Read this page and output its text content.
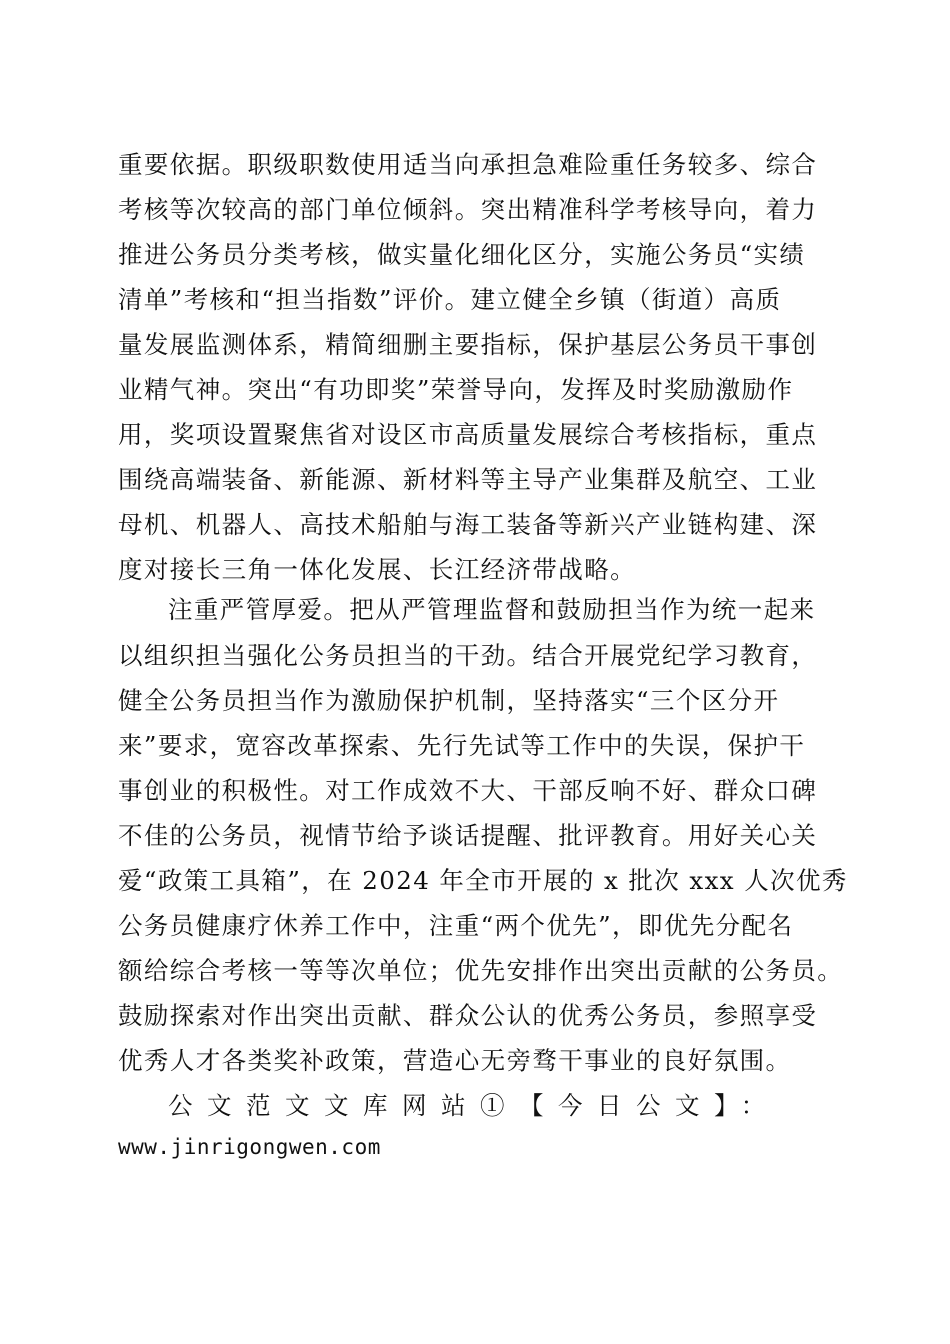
重要依据。职级职数使用适当向承担急难险重任务较多、综合
考核等次较高的部门单位倾斜。突出精准科学考核导向，着力
推进公务员分类考核，做实量化细化区分，实施公务员“实绩
清单”考核和“担当指数”评价。建立健全乡镇（街道）高质
量发展监测体系，精简细删主要指标，保护基层公务员干事创
业精气神。突出“有功即奖”荣誉导向，发挥及时奖励激励作
用，奖项设置聚焦省对设区市高质量发展综合考核指标，重点
围绕高端装备、新能源、新材料等主导产业集群及航空、工业
母机、机器人、高技术船舶与海工装备等新兴产业链构建、深
度对接长三角一体化发展、长江经济带战略。
注重严管厚爱。把从严管理监督和鼓励担当作为统一起来
以组织担当强化公务员担当的干劲。结合开展党纪学习教育，
健全公务员担当作为激励保护机制，坚持落实“三个区分开
来”要求，宽容改革探索、先行先试等工作中的失误，保护干
事创业的积极性。对工作成效不大、干部反响不好、群众口碑
不佳的公务员，视情节给予谈话提醒、批评教育。用好关心关
爱“政策工具箱”，在 2024 年全市开展的 x 批次 xxx 人次优秀
公务员健康疗休养工作中，注重“两个优先”，即优先分配名
额给综合考核一等等次单位；优先安排作出突出贡献的公务员。
鼓励探索对作出突出贡献、群众公认的优秀公务员，参照享受
优秀人才各类奖补政策，营造心无旁骛干事业的良好氛围。
公文范文文库网站①【今日公文】：
www.jinrigongwen.com
